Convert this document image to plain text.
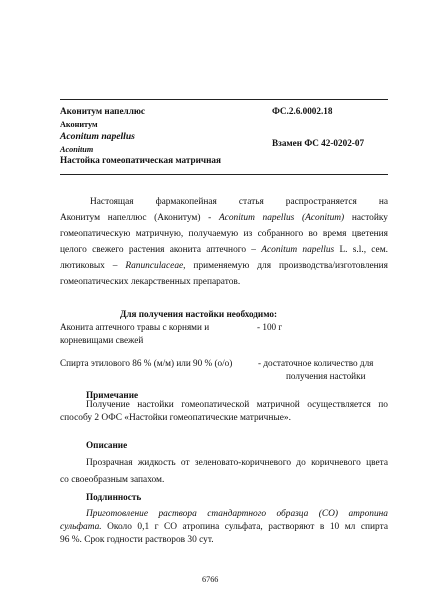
Аконитум напеллюс
Аконитум
Aconitum napellus
Aconitum
Настойка гомеопатическая матричная
ФС.2.6.0002.18
Взамен ФС 42-0202-07
Настоящая фармакопейная статья распространяется на
Аконитум напеллюс (Аконитум) - Aconitum napellus (Aconitum) настойку
гомеопатическую матричную, получаемую из собранного во время цветения
целого свежего растения аконита аптечного – Aconitum napellus L. s.l., сем.
лютиковых – Ranunculaceae, применяемую для производства/изготовления
гомеопатических лекарственных препаратов.
Для получения настойки необходимо:
Аконита аптечного травы с корнями и	- 100 г
корневищами свежей
Спирта этилового 86 % (м/м) или 90 % (о/о)	- достаточное количество для
получения настойки
Примечание
Получение настойки гомеопатической матричной осуществляется по
способу 2 ОФС «Настойки гомеопатические матричные».
Описание
Прозрачная жидкость от зеленовато-коричневого до коричневого цвета
со своеобразным запахом.
Подлинность
Приготовление раствора стандартного образца (СО) атропина
сульфата. Около 0,1 г СО атропина сульфата, растворяют в 10 мл спирта
96 %. Срок годности растворов 30 сут.
6766
